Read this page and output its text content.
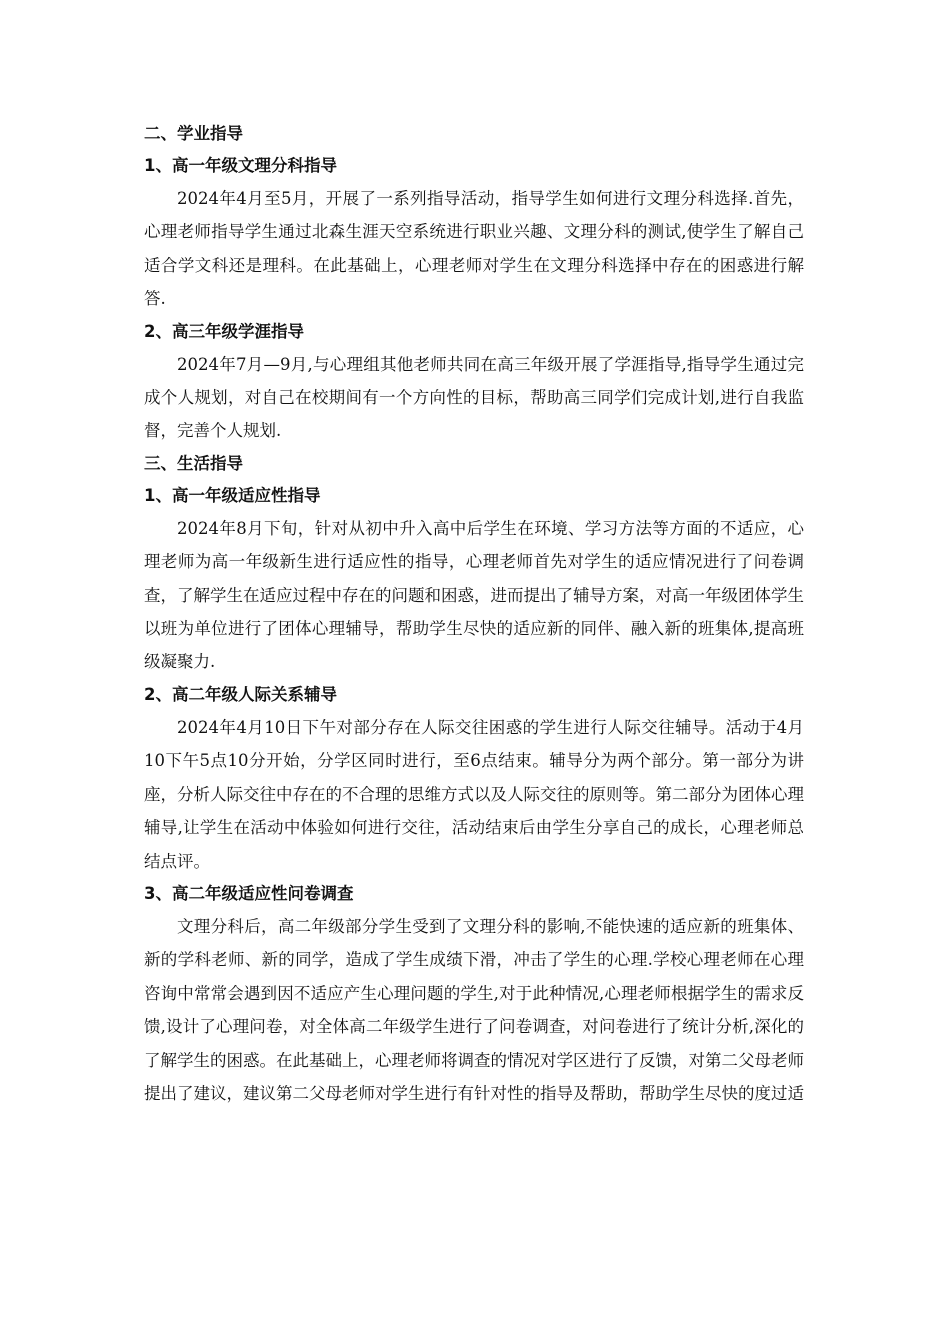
二、学业指导
1、高一年级文理分科指导

2024年4月至5月，开展了一系列指导活动，指导学生如何进行文理分科选择.首先，心理老师指导学生通过北森生涯天空系统进行职业兴趣、文理分科的测试,使学生了解自己适合学文科还是理科。在此基础上，心理老师对学生在文理分科选择中存在的困惑进行解答.

2、高三年级学涯指导

2024年7月—9月,与心理组其他老师共同在高三年级开展了学涯指导,指导学生通过完成个人规划，对自己在校期间有一个方向性的目标，帮助高三同学们完成计划,进行自我监督，完善个人规划.

三、生活指导
1、高一年级适应性指导

2024年8月下旬，针对从初中升入高中后学生在环境、学习方法等方面的不适应，心理老师为高一年级新生进行适应性的指导，心理老师首先对学生的适应情况进行了问卷调查，了解学生在适应过程中存在的问题和困惑，进而提出了辅导方案，对高一年级团体学生以班为单位进行了团体心理辅导，帮助学生尽快的适应新的同伴、融入新的班集体,提高班级凝聚力.

2、高二年级人际关系辅导

2024年4月10日下午对部分存在人际交往困惑的学生进行人际交往辅导。活动于4月10下午5点10分开始，分学区同时进行，至6点结束。辅导分为两个部分。第一部分为讲座，分析人际交往中存在的不合理的思维方式以及人际交往的原则等。第二部分为团体心理辅导,让学生在活动中体验如何进行交往，活动结束后由学生分享自己的成长，心理老师总结点评。

3、高二年级适应性问卷调查

文理分科后，高二年级部分学生受到了文理分科的影响,不能快速的适应新的班集体、新的学科老师、新的同学，造成了学生成绩下滑，冲击了学生的心理.学校心理老师在心理咨询中常常会遇到因不适应产生心理问题的学生,对于此种情况,心理老师根据学生的需求反馈,设计了心理问卷，对全体高二年级学生进行了问卷调查，对问卷进行了统计分析,深化的了解学生的困惑。在此基础上，心理老师将调查的情况对学区进行了反馈，对第二父母老师提出了建议，建议第二父母老师对学生进行有针对性的指导及帮助，帮助学生尽快的度过适
